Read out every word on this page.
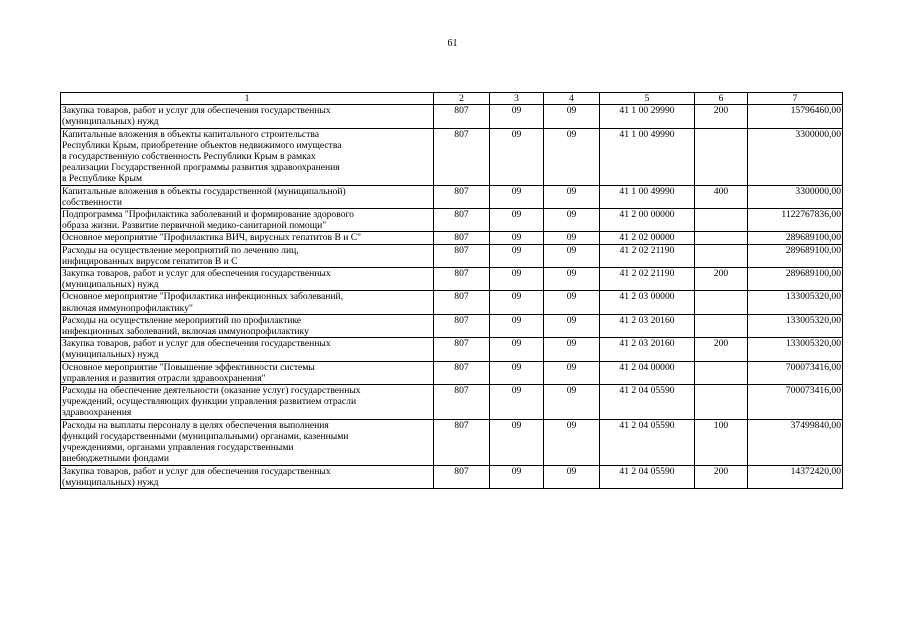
61
1	2	3	4	5	6	7
Закупка товаров, работ и услуг для обеспечения государственных
(муниципальных) нужд	807	09	09	41 1 00 29990	200	15796460,00
Капитальные вложения в объекты капитального строительства
Республики Крым, приобретение объектов недвижимого имущества
в государственную собственность Республики Крым в рамках
реализации Государственной программы развития здравоохранения
в Республике Крым	807	09	09	41 1 00 49990		3300000,00
Капитальные вложения в объекты государственной (муниципальной)
собственности	807	09	09	41 1 00 49990	400	3300000,00
Подпрограмма "Профилактика заболеваний и формирование здорового
образа жизни. Развитие первичной медико-санитарной помощи"	807	09	09	41 2 00 00000		1122767836,00
Основное мероприятие "Профилактика ВИЧ, вирусных гепатитов В и С"	807	09	09	41 2 02 00000		289689100,00
Расходы на осуществление мероприятий по лечению лиц,
инфицированных вирусом гепатитов В и С	807	09	09	41 2 02 21190		289689100,00
Закупка товаров, работ и услуг для обеспечения государственных
(муниципальных) нужд	807	09	09	41 2 02 21190	200	289689100,00
Основное мероприятие "Профилактика инфекционных заболеваний,
включая иммунопрофилактику"	807	09	09	41 2 03 00000		133005320,00
Расходы на осуществление мероприятий по профилактике
инфекционных заболеваний, включая иммунопрофилактику	807	09	09	41 2 03 20160		133005320,00
Закупка товаров, работ и услуг для обеспечения государственных
(муниципальных) нужд	807	09	09	41 2 03 20160	200	133005320,00
Основное мероприятие "Повышение эффективности системы
управления и развития отрасли здравоохранения"	807	09	09	41 2 04 00000		700073416,00
Расходы на обеспечение деятельности (оказание услуг) государственных
учреждений, осуществляющих функции управления развитием отрасли
здравоохранения	807	09	09	41 2 04 05590		700073416,00
Расходы на выплаты персоналу в целях обеспечения выполнения
функций государственными (муниципальными) органами, казенными
учреждениями, органами управления государственными
внебюджетными фондами	807	09	09	41 2 04 05590	100	37499840,00
Закупка товаров, работ и услуг для обеспечения государственных
(муниципальных) нужд	807	09	09	41 2 04 05590	200	14372420,00
